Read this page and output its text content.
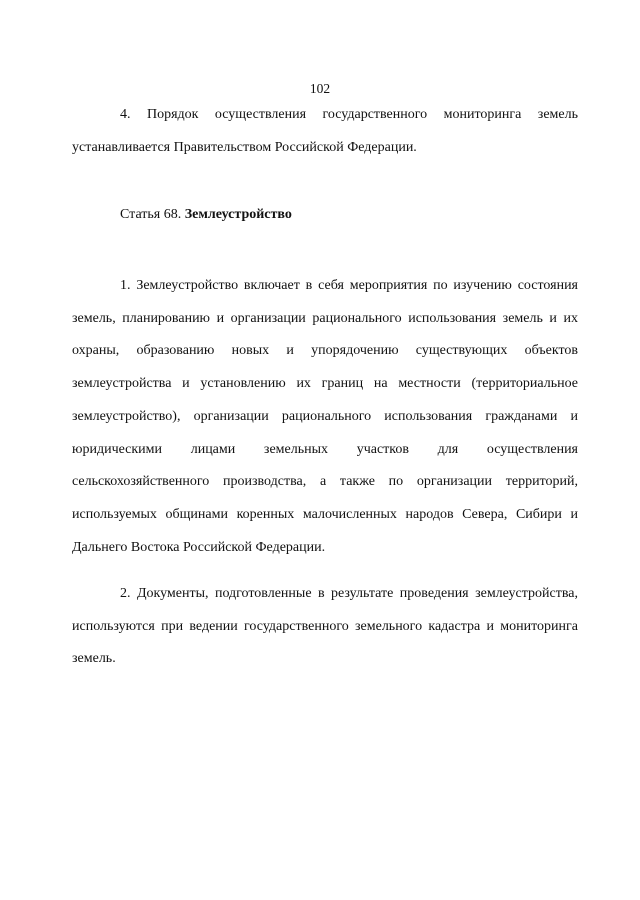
102

4. Порядок осуществления государственного мониторинга земель устанавливается Правительством Российской Федерации.

Статья 68. Землеустройство

1. Землеустройство включает в себя мероприятия по изучению состояния земель, планированию и организации рационального использования земель и их охраны, образованию новых и упорядочению существующих объектов землеустройства и установлению их границ на местности (территориальное землеустройство), организации рационального использования гражданами и юридическими лицами земельных участков для осуществления сельскохозяйственного производства, а также по организации территорий, используемых общинами коренных малочисленных народов Севера, Сибири и Дальнего Востока Российской Федерации.

2. Документы, подготовленные в результате проведения землеустройства, используются при ведении государственного земельного кадастра и мониторинга земель.
